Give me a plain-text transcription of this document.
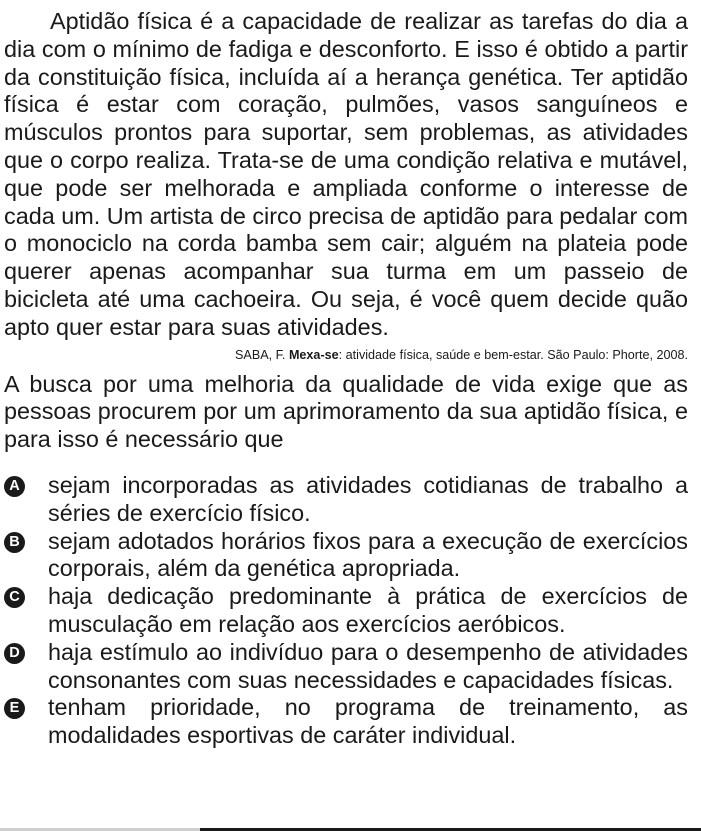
Aptidão física é a capacidade de realizar as tarefas do dia a dia com o mínimo de fadiga e desconforto. E isso é obtido a partir da constituição física, incluída aí a herança genética. Ter aptidão física é estar com coração, pulmões, vasos sanguíneos e músculos prontos para suportar, sem problemas, as atividades que o corpo realiza. Trata-se de uma condição relativa e mutável, que pode ser melhorada e ampliada conforme o interesse de cada um. Um artista de circo precisa de aptidão para pedalar com o monociclo na corda bamba sem cair; alguém na plateia pode querer apenas acompanhar sua turma em um passeio de bicicleta até uma cachoeira. Ou seja, é você quem decide quão apto quer estar para suas atividades.

SABA, F. Mexa-se: atividade física, saúde e bem-estar. São Paulo: Phorte, 2008.

A busca por uma melhoria da qualidade de vida exige que as pessoas procurem por um aprimoramento da sua aptidão física, e para isso é necessário que

A sejam incorporadas as atividades cotidianas de trabalho a séries de exercício físico.
B sejam adotados horários fixos para a execução de exercícios corporais, além da genética apropriada.
C haja dedicação predominante à prática de exercícios de musculação em relação aos exercícios aeróbicos.
D haja estímulo ao indivíduo para o desempenho de atividades consonantes com suas necessidades e capacidades físicas.
E tenham prioridade, no programa de treinamento, as modalidades esportivas de caráter individual.
